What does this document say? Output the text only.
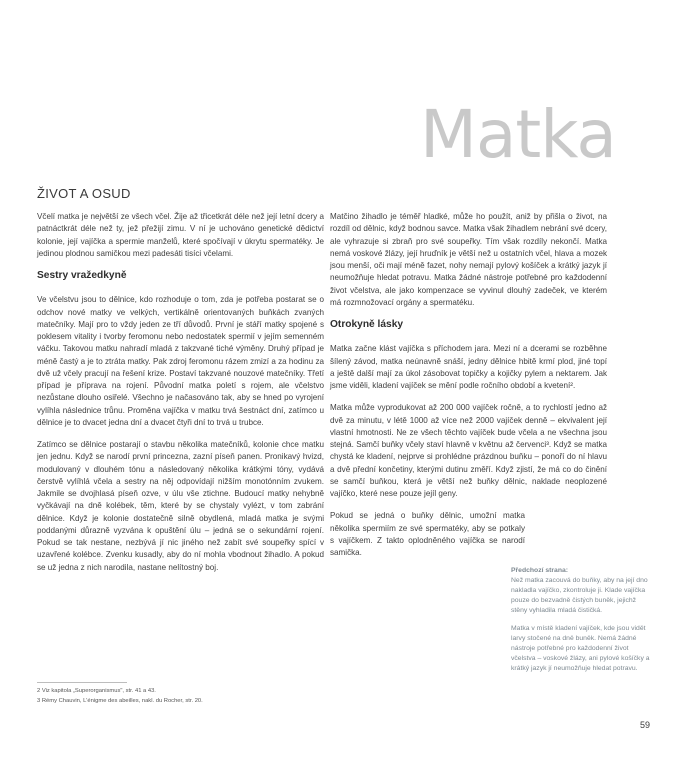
Matka
ŽIVOT A OSUD

Včelí matka je největší ze všech včel. Žije až třicetkrát déle než její letní dcery a patnáctkrát déle než ty, jež přežijí zimu. V ní je uchováno genetické dědictví kolonie, její vajíčka a spermie manželů, které spočívají v úkrytu spermatéky. Je jedinou plodnou samičkou mezi padesáti tisíci včelami.

Sestry vražedkyně

Ve včelstvu jsou to dělnice, kdo rozhoduje o tom, zda je potřeba postarat se o odchov nové matky ve velkých, vertikálně orientovaných buňkách zvaných matečníky. Mají pro to vždy jeden ze tří důvodů. První je stáří matky spojené s poklesem vitality i tvorby feromonu nebo nedostatek spermií v jejím semenném váčku. Takovou matku nahradí mladá z takzvané tiché výměny. Druhý případ je méně častý a je to ztráta matky. Pak zdroj feromonu rázem zmizí a za hodinu za dvě už včely pracují na řešení krize. Postaví takzvané nouzové matečníky. Třetí případ je příprava na rojení. Původní matka poletí s rojem, ale včelstvo nezůstane dlouho osiřelé. Všechno je načasováno tak, aby se hned po vyrojení vylíhla následnice trůnu. Proměna vajíčka v matku trvá šestnáct dní, zatímco u dělnice je to dvacet jedna dní a dvacet čtyři dní to trvá u trubce.

Zatímco se dělnice postarají o stavbu několika matečníků, kolonie chce matku jen jednu. Když se narodí první princezna, zazní píseň panen. Pronikavý hvizd, modulovaný v dlouhém tónu a následovaný několika krátkými tóny, vydává čerstvě vylíhlá včela a sestry na něj odpovídají nižším monotónním zvukem. Jakmile se dvojhlasá píseň ozve, v úlu vše ztichne. Budoucí matky nehybně vyčkávají na dně kolébek, těm, které by se chystaly vylézt, v tom zabrání dělnice. Když je kolonie dostatečně silně obydlená, mladá matka je svými poddanými důrazně vyzvána k opuštění úlu – jedná se o sekundární rojení. Pokud se tak nestane, nezbývá jí nic jiného než zabít své soupeřky spící v uzavřené kolébce. Zvenku kusadly, aby do ní mohla vbodnout žihadlo. A pokud se už jedna z nich narodila, nastane nelítostný boj.

Matčino žihadlo je téměř hladké, může ho použít, aniž by přišla o život, na rozdíl od dělnic, když bodnou savce. Matka však žihadlem nebrání své dcery, ale vyhrazuje si zbraň pro své soupeřky. Tím však rozdíly nekončí. Matka nemá voskové žlázy, její hruďník je větší než u ostatních včel, hlava a mozek jsou menší, oči mají méně fazet, nohy nemají pylový košíček a krátký jazyk jí neumožňuje hledat potravu. Matka žádné nástroje potřebné pro každodenní život včelstva, ale jako kompenzace se vyvinul dlouhý zadeček, ve kterém má rozmnožovací orgány a spermatéku.

Otrokyně lásky

Matka začne klást vajíčka s příchodem jara. Mezi ní a dcerami se rozběhne šílený závod, matka neúnavně snáší, jedny dělnice hbitě krmí plod, jiné topí a ještě další mají za úkol zásobovat topičky a kojičky pylem a nektarem. Jak jsme viděli, kladení vajíček se mění podle ročního období a kvetení².

Matka může vyprodukovat až 200 000 vajíček ročně, a to rychlostí jedno až dvě za minutu, v létě 1000 až více než 2000 vajíček denně – ekvivalent její vlastní hmotnosti. Ne ze všech těchto vajíček bude včela a ne všechna jsou stejná. Samčí buňky včely staví hlavně v květnu až červenci³. Když se matka chystá ke kladení, nejprve si prohlédne prázdnou buňku – ponoří do ní hlavu a dvě přední končetiny, kterými dutinu změří. Když zjistí, že má co do činění se samčí buňkou, která je větší než buňky dělnic, naklade neoplozené vajíčko, které nese pouze jejíl geny.

Pokud se jedná o buňky dělnic, umožní matka několika spermiím ze své spermatéky, aby se potkaly s vajíčkem. Z takto oplodněného vajíčka se narodí samička.

Předchozí strana:
Než matka zacouvá do buňky, aby na její dno nakladla vajíčko, zkontroluje ji. Klade vajíčka pouze do bezvadně čistých buněk, jejichž stěny vyhladila mladá čističká.

Matka v místě kladení vajíček, kde jsou vidět larvy stočené na dně buněk. Nemá žádné nástroje potřebné pro každodenní život včelstva – voskové žlázy, ani pylové košíčky a krátký jazyk jí neumožňuje hledat potravu.

2 Viz kapitola „Superorganismus", str. 41 a 43.
3 Rémy Chauvin, L'énigme des abeilles, nakl. du Rocher, str. 20.
59
